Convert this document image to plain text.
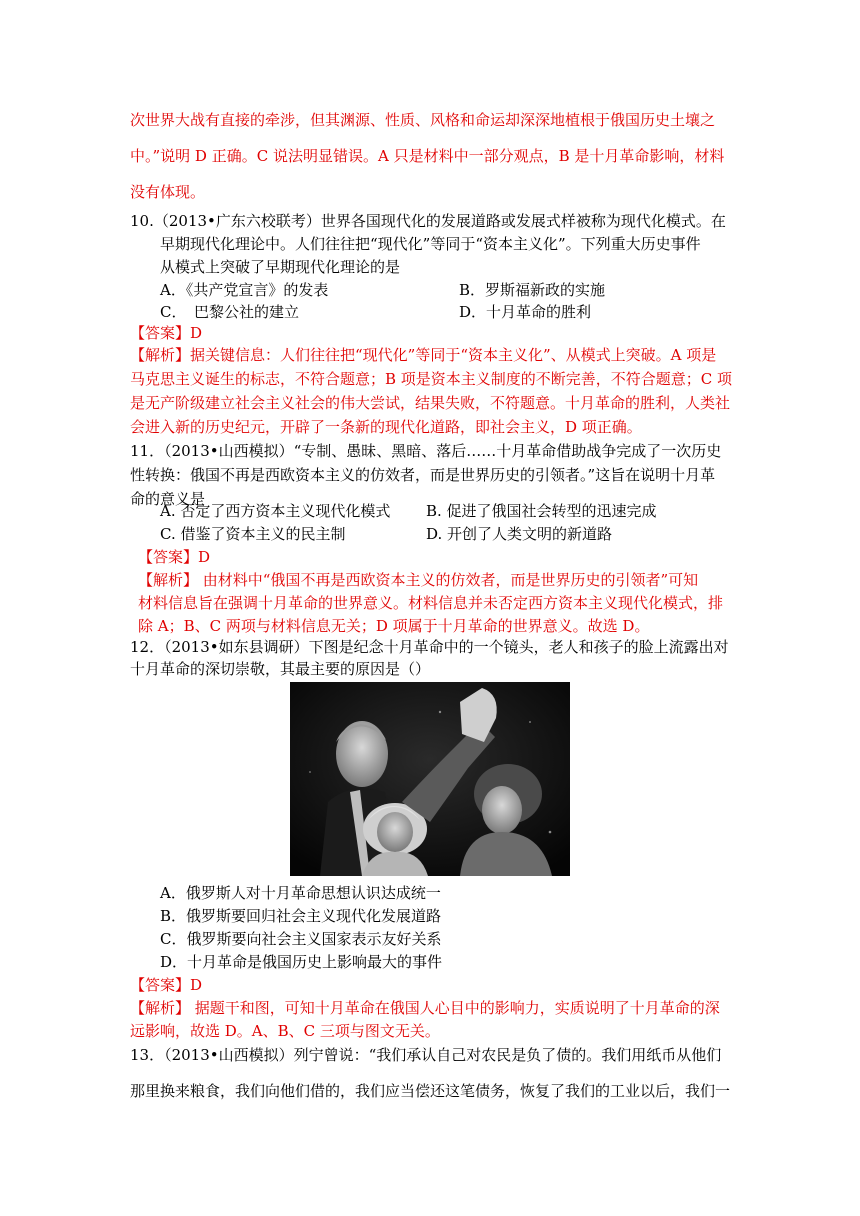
次世界大战有直接的牵涉，但其渊源、性质、风格和命运却深深地植根于俄国历史土壤之
中。”说明 D 正确。C 说法明显错误。A 只是材料中一部分观点，B 是十月革命影响，材料
没有体现。
10.（2013•广东六校联考）世界各国现代化的发展道路或发展式样被称为现代化模式。在
早期现代化理论中。人们往往把“现代化”等同于“资本主义化”。下列重大历史事件
从模式上突破了早期现代化理论的是
A．《共产党宣言》的发表	B．罗斯福新政的实施
C．　巴黎公社的建立	D．十月革命的胜利
【答案】D
【解析】据关键信息：人们往往把“现代化”等同于“资本主义化”、从模式上突破。A 项是
马克思主义诞生的标志，不符合题意；B 项是资本主义制度的不断完善，不符合题意；C 项
是无产阶级建立社会主义社会的伟大尝试，结果失败，不符题意。十月革命的胜利，人类社
会进入新的历史纪元，开辟了一条新的现代化道路，即社会主义，D 项正确。
11．（2013•山西模拟）“专制、愚昧、黑暗、落后……十月革命借助战争完成了一次历史
性转换：俄国不再是西欧资本主义的仿效者，而是世界历史的引领者。”这旨在说明十月革
命的意义是
A. 否定了西方资本主义现代化模式 B. 促进了俄国社会转型的迅速完成
C. 借鉴了资本主义的民主制	D. 开创了人类文明的新道路
【答案】D
【解析】 由材料中“俄国不再是西欧资本主义的仿效者，而是世界历史的引领者”可知
材料信息旨在强调十月革命的世界意义。材料信息并未否定西方资本主义现代化模式，排
除 A；B、C 两项与材料信息无关；D 项属于十月革命的世界意义。故选 D。
12．（2013•如东县调研）下图是纪念十月革命中的一个镜头，老人和孩子的脸上流露出对
十月革命的深切崇敬，其最主要的原因是（）
A．俄罗斯人对十月革命思想认识达成统一
B．俄罗斯要回归社会主义现代化发展道路
C．俄罗斯要向社会主义国家表示友好关系
D．十月革命是俄国历史上影响最大的事件
【答案】D
【解析】 据题干和图，可知十月革命在俄国人心目中的影响力，实质说明了十月革命的深
远影响，故选 D。A、B、C 三项与图文无关。
13．（2013•山西模拟）列宁曾说：“我们承认自己对农民是负了债的。我们用纸币从他们
那里换来粮食，我们向他们借的，我们应当偿还这笔债务，恢复了我们的工业以后，我们一
